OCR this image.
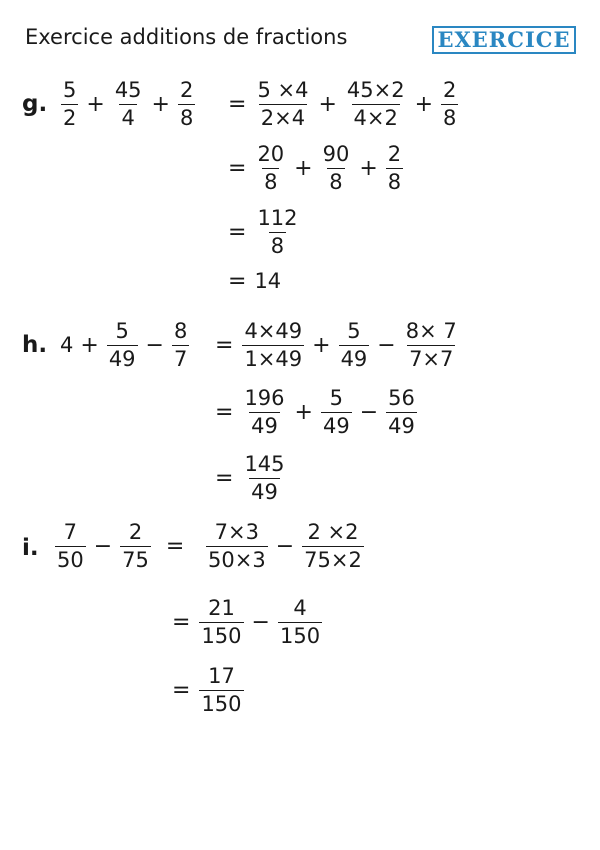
Exercice additions de fractions	EXERCICE
g. $\frac{5}{2} + \frac{45}{4} + \frac{2}{8} = \frac{5 \times 4}{2\times 4} + \frac{45\times 2}{4\times 2} + \frac{2}{8}$
= $\frac{20}{8} + \frac{90}{8} + \frac{2}{8}$
= $\frac{112}{8}$
= 14
h. $4 + \frac{5}{49} - \frac{8}{7} = \frac{4\times 49}{1\times 49} + \frac{5}{49} - \frac{8\times 7}{7\times 7}$
= $\frac{196}{49} + \frac{5}{49} - \frac{56}{49}$
= $\frac{145}{49}$
i. $\frac{7}{50} - \frac{2}{75} = \frac{7\times 3}{50\times 3} - \frac{2 \times 2}{75\times 2}$
= $\frac{21}{150} - \frac{4}{150}$
= $\frac{17}{150}$
